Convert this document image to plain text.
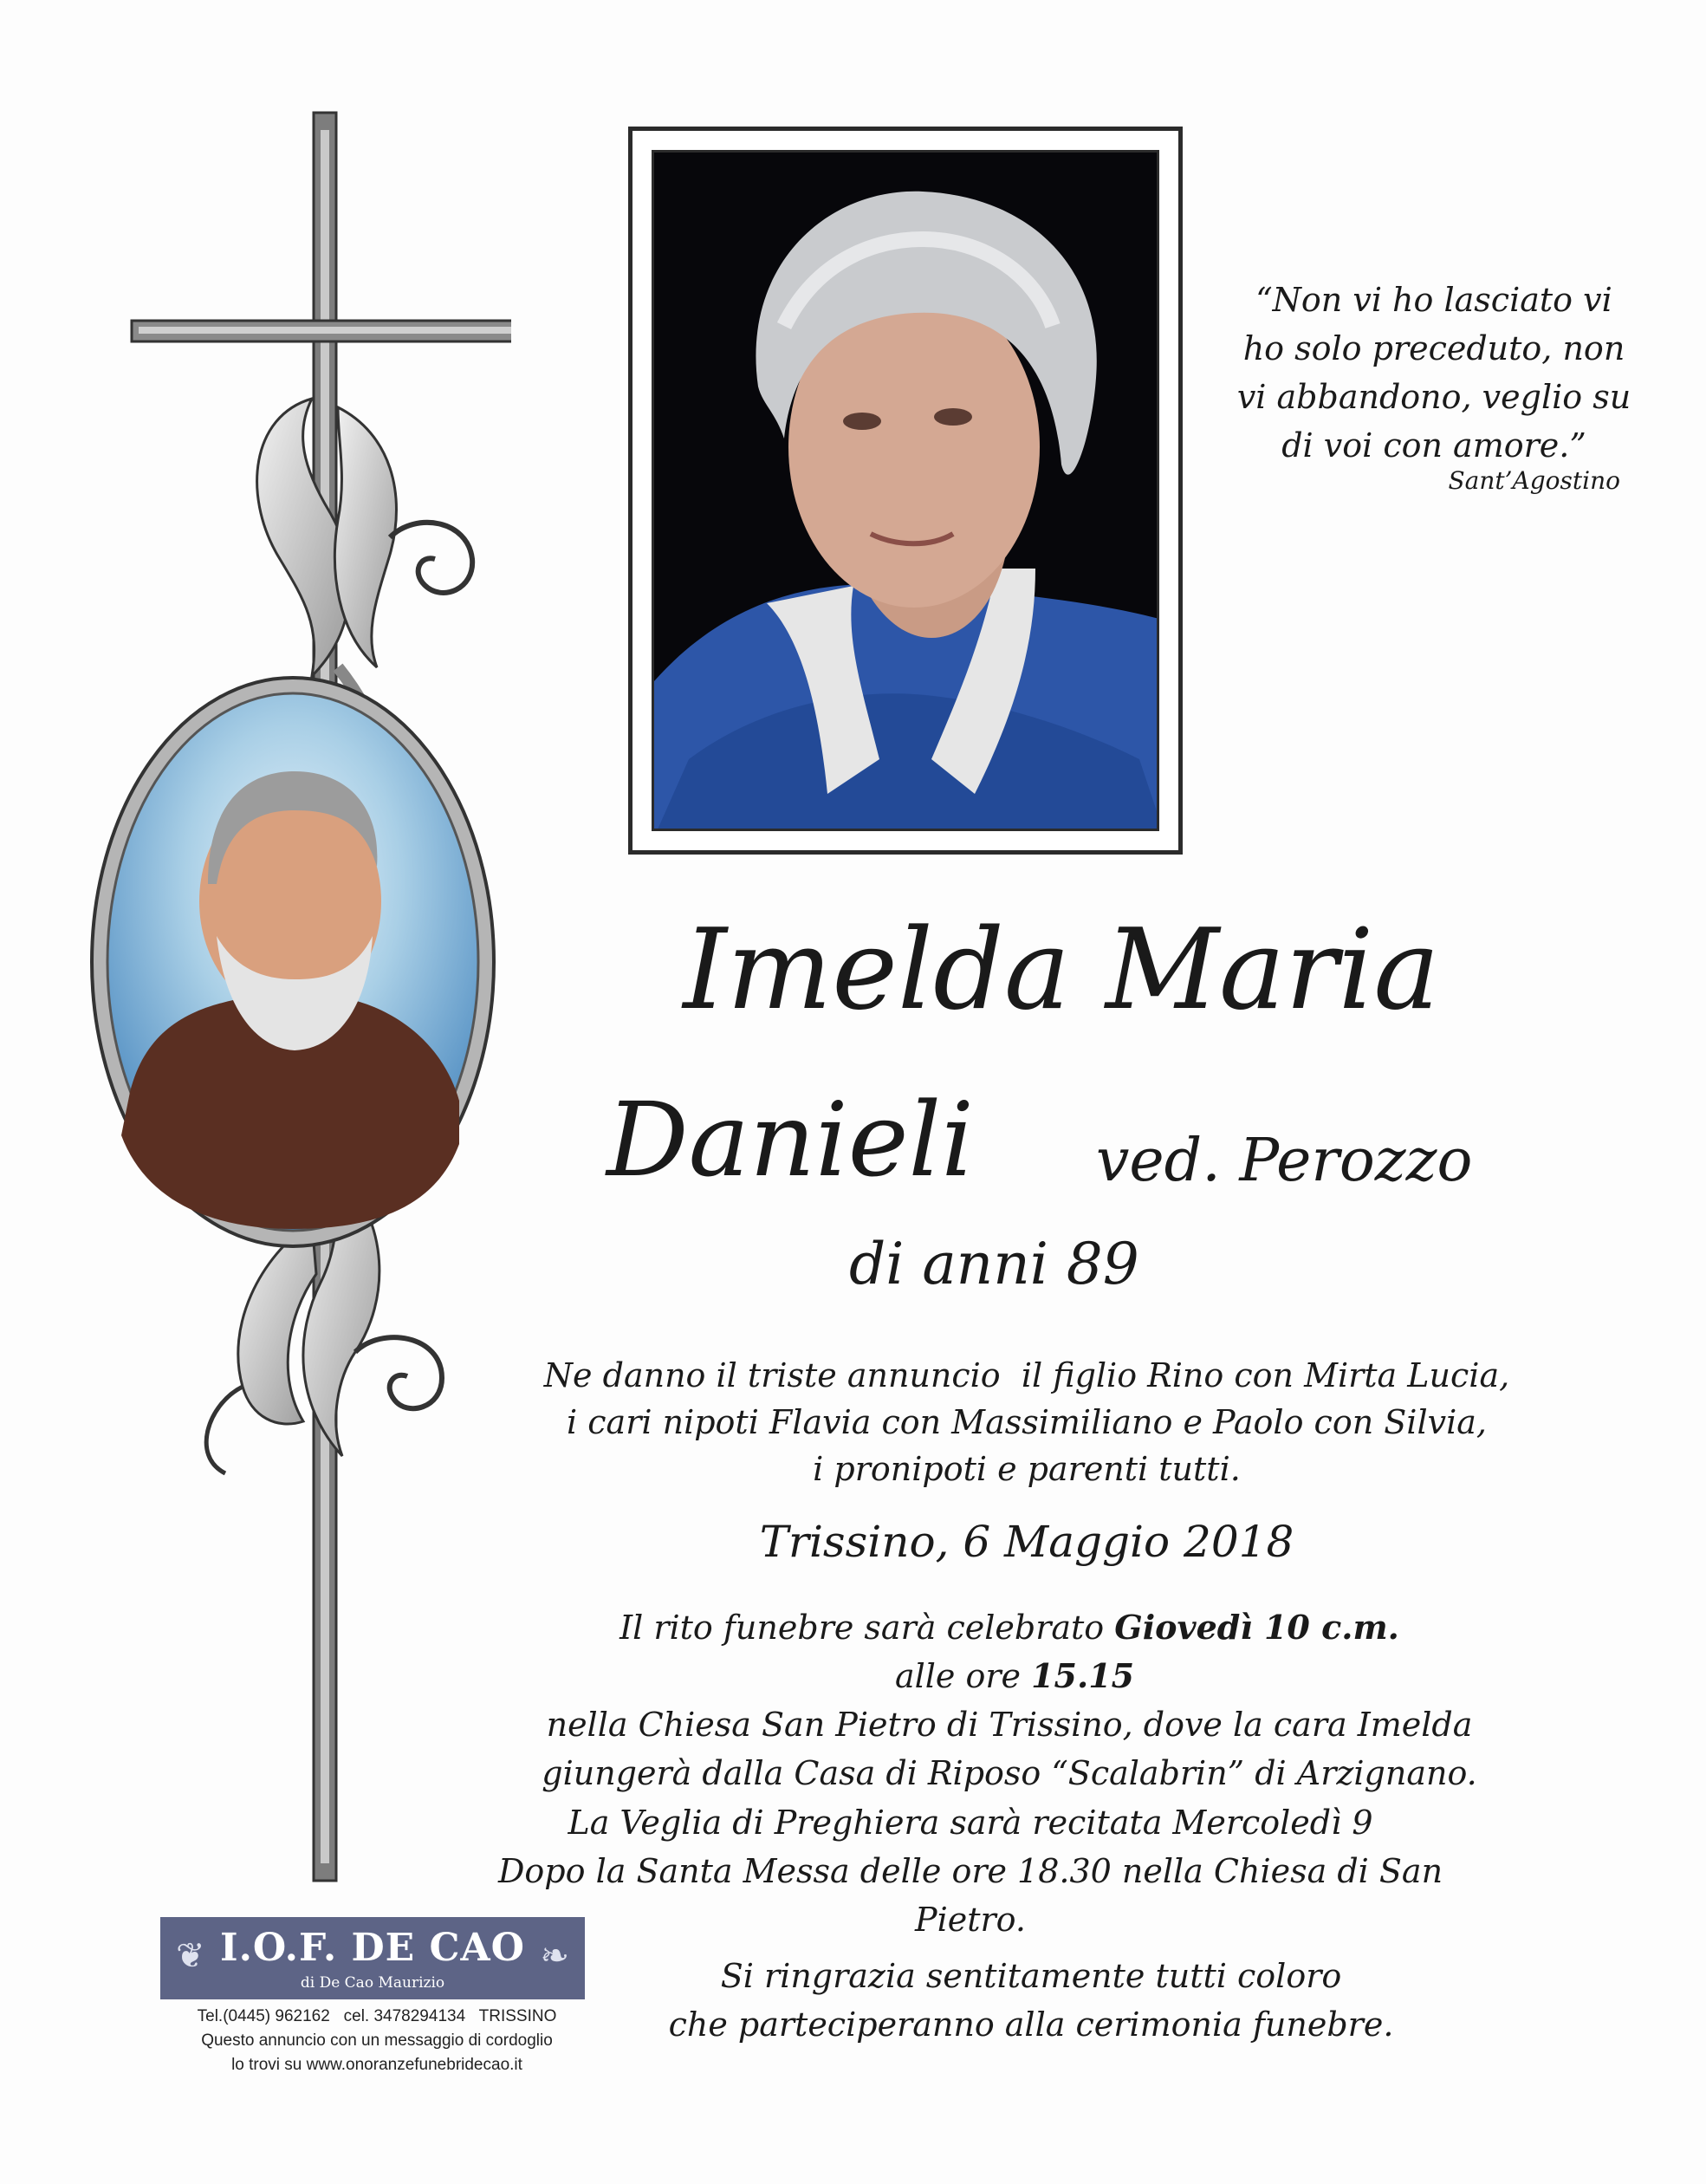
“Non vi ho lasciato vi
ho solo preceduto, non
vi abbandono, veglio su
di voi con amore.”
Sant’Agostino
Imelda Maria
Danieli ved. Perozzo
di anni 89
Ne danno il triste annuncio  il figlio Rino con Mirta Lucia,
i cari nipoti Flavia con Massimiliano e Paolo con Silvia,
i pronipoti e parenti tutti.
Trissino, 6 Maggio 2018
Il rito funebre sarà celebrato Giovedì 10 c.m. alle ore 15.15
nella Chiesa San Pietro di Trissino, dove la cara Imelda
giungerà dalla Casa di Riposo “Scalabrin” di Arzignano.
La Veglia di Preghiera sarà recitata Mercoledì 9
Dopo la Santa Messa delle ore 18.30 nella Chiesa di San Pietro.
Si ringrazia sentitamente tutti coloro
che parteciperanno alla cerimonia funebre.
❦ I.O.F. DE CAO
di De Cao Maurizio
❧
Tel.(0445) 962162   cel. 3478294134   TRISSINO
Questo annuncio con un messaggio di cordoglio
lo trovi su www.onoranzefunebridecao.it
